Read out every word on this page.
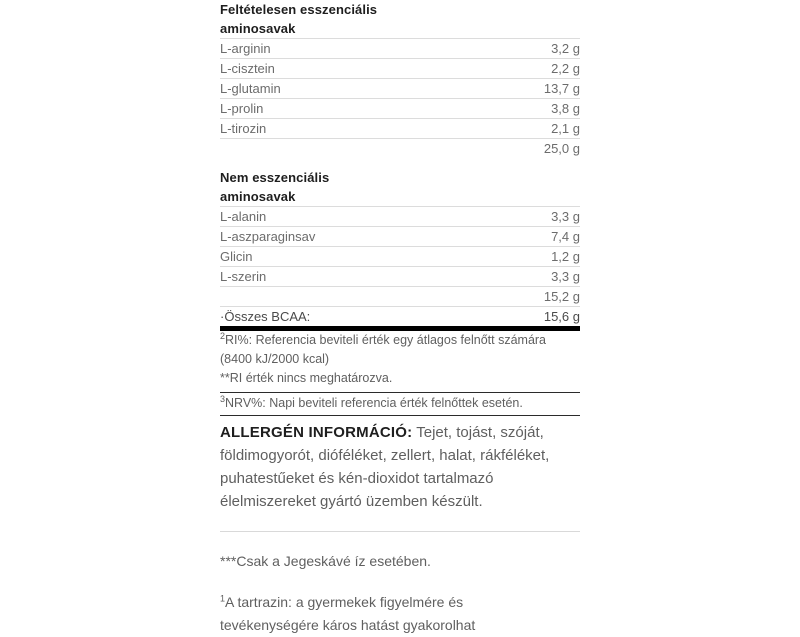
Feltételesen esszenciális
aminosavak
L-arginin	3,2 g
L-cisztein	2,2 g
L-glutamin	13,7 g
L-prolin	3,8 g
L-tirozin	2,1 g
	25,0 g
Nem esszenciális
aminosavak
L-alanin	3,3 g
L-aszparaginsav	7,4 g
Glicin	1,2 g
L-szerin	3,3 g
	15,2 g
·Összes BCAA:	15,6 g

$^2$RI%: Referencia beviteli érték egy átlagos felnőtt számára

(8400 kJ/2000 kcal)

**RI érték nincs meghatározva.

$^3$NRV%: Napi beviteli referencia érték felnőttek esetén.
ALLERGÉN INFORMÁCIÓ: Tejet, tojást, szóját, földimogyorót, dióféléket, zellert, halat, rákféléket, puhatestűeket és kén-dioxidot tartalmazó élelmiszereket gyártó üzemben készült.

***Csak a Jegeskávé íz esetében.

$^1$A tartrazin: a gyermekek figyelmére és

tevékenységére káros hatást gyakorolhat
